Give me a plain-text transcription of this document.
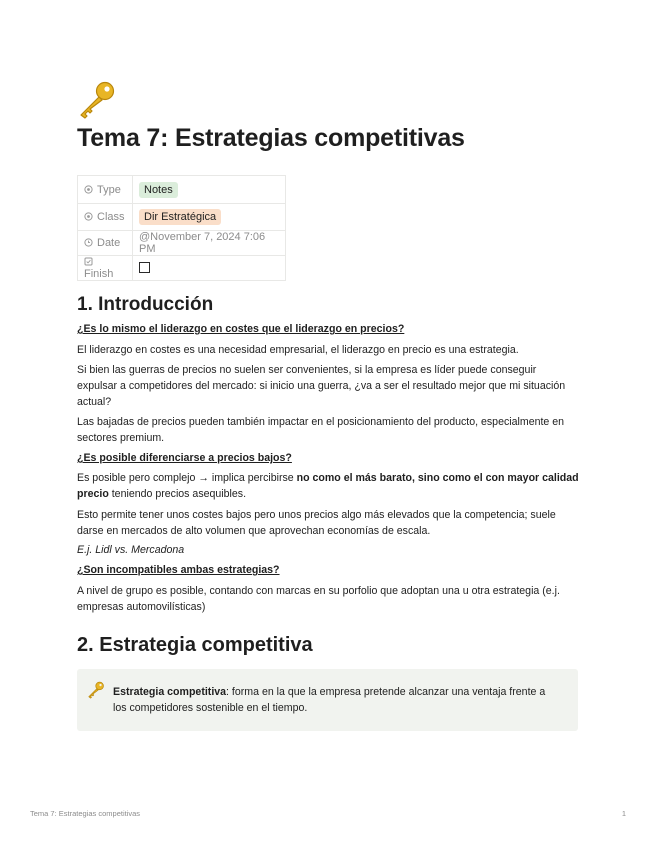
Tema 7: Estrategias competitivas
Type	Notes
Class	Dir Estratégica
Date	@November 7, 2024 7:06 PM
Finish	
1. Introducción

¿Es lo mismo el liderazgo en costes que el liderazgo en precios?

El liderazgo en costes es una necesidad empresarial, el liderazgo en precio es una estrategia.

Si bien las guerras de precios no suelen ser convenientes, si la empresa es líder puede conseguir expulsar a competidores del mercado: si inicio una guerra, ¿va a ser el resultado mejor que mi situación actual?

Las bajadas de precios pueden también impactar en el posicionamiento del producto, especialmente en sectores premium.

¿Es posible diferenciarse a precios bajos?

Es posible pero complejo → implica percibirse no como el más barato, sino como el con mayor calidad precio teniendo precios asequibles.

Esto permite tener unos costes bajos pero unos precios algo más elevados que la competencia; suele darse en mercados de alto volumen que aprovechan economías de escala.

E.j. Lidl vs. Mercadona

¿Son incompatibles ambas estrategias?

A nivel de grupo es posible, contando con marcas en su porfolio que adoptan una u otra estrategia (e.j. empresas automovilísticas)

2. Estrategia competitiva

Estrategia competitiva: forma en la que la empresa pretende alcanzar una ventaja frente a los competidores sostenible en el tiempo.

Tema 7: Estrategias competitivas	1
